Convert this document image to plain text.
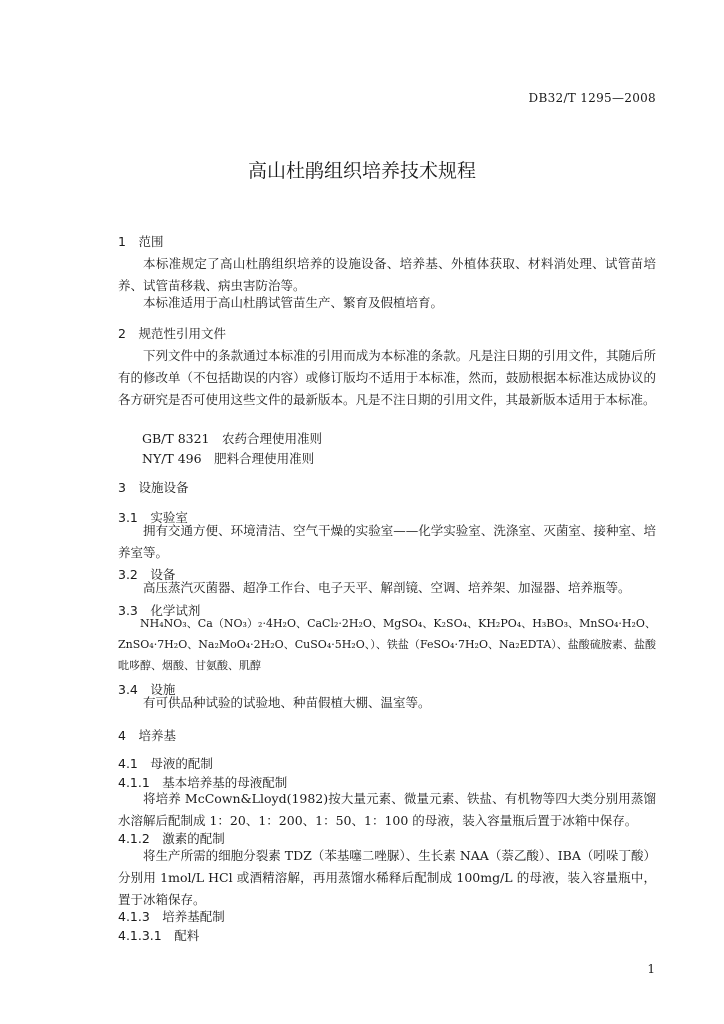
DB32/T 1295—2008
高山杜鹃组织培养技术规程
1　范围
本标准规定了高山杜鹃组织培养的设施设备、培养基、外植体获取、材料消处理、试管苗培养、试管苗移栽、病虫害防治等。
本标准适用于高山杜鹃试管苗生产、繁育及假植培育。
2　规范性引用文件
下列文件中的条款通过本标准的引用而成为本标准的条款。凡是注日期的引用文件，其随后所有的修改单（不包括勘误的内容）或修订版均不适用于本标准，然而，鼓励根据本标准达成协议的各方研究是否可使用这些文件的最新版本。凡是不注日期的引用文件，其最新版本适用于本标准。
GB/T 8321　农药合理使用准则
NY/T 496　肥料合理使用准则
3　设施设备
3.1　实验室
拥有交通方便、环境清洁、空气干燥的实验室——化学实验室、洗涤室、灭菌室、接种室、培养室等。
3.2　设备
高压蒸汽灭菌器、超净工作台、电子天平、解剖镜、空调、培养架、加湿器、培养瓶等。
3.3　化学试剂
NH₄NO₃、Ca（NO₃）₂·4H₂O、CaCl₂·2H₂O、MgSO₄、K₂SO₄、KH₂PO₄、H₃BO₃、MnSO₄·H₂O、ZnSO₄·7H₂O、Na₂MoO₄·2H₂O、CuSO₄·5H₂O、）、铁盐（FeSO₄·7H₂O、Na₂EDTA）、盐酸硫胺素、盐酸吡哆醇、烟酸、甘氨酸、肌醇
3.4　设施
有可供品种试验的试验地、种苗假植大棚、温室等。
4　培养基
4.1　母液的配制
4.1.1　基本培养基的母液配制
将培养 McCown&Lloyd(1982)按大量元素、微量元素、铁盐、有机物等四大类分别用蒸馏水溶解后配制成 1：20、1：200、1：50、1：100 的母液，装入容量瓶后置于冰箱中保存。
4.1.2　激素的配制
将生产所需的细胞分裂素 TDZ（苯基噻二唑脲）、生长素 NAA（萘乙酸）、IBA（吲哚丁酸）分别用 1mol/L HCl 或酒精溶解，再用蒸馏水稀释后配制成 100mg/L 的母液，装入容量瓶中，置于冰箱保存。
4.1.3　培养基配制
4.1.3.1　配料
1
